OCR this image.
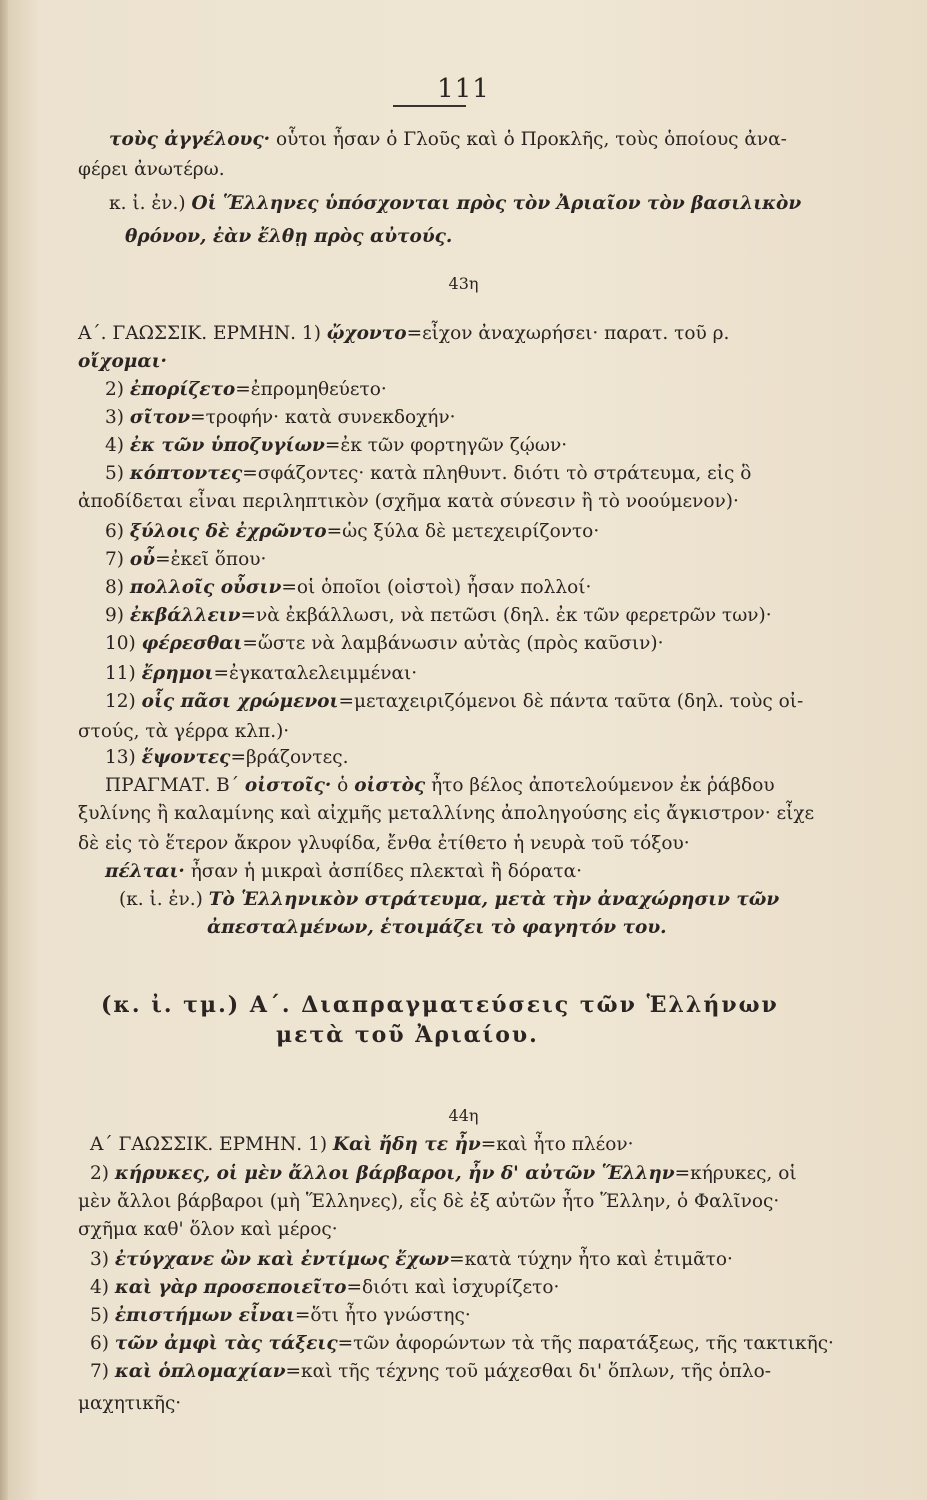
111
τοὺς ἀγγέλους· οὗτοι ἦσαν ὁ Γλοῦς καὶ ὁ Προκλῆς, τοὺς ὁποίους ἀνα-
φέρει ἀνωτέρω.
κ. ἰ. ἐν.) Οἱ Ἕλληνες ὑπόσχονται πρὸς τὸν Ἀριαῖον τὸν βασιλικὸν
θρόνον, ἐὰν ἔλθῃ πρὸς αὐτούς.
43η
Α΄. ΓΑΩΣΣΙΚ. ΕΡΜΗΝ. 1) ᾤχοντο=εἶχον ἀναχωρήσει· παρατ. τοῦ ρ.
οἴχομαι·
2) ἐπορίζετο=ἐπρομηθεύετο·
3) σῖτον=τροφήν· κατὰ συνεκδοχήν·
4) ἐκ τῶν ὑποζυγίων=ἐκ τῶν φορτηγῶν ζῴων·
5) κόπτοντες=σφάζοντες· κατὰ πληθυντ. διότι τὸ στράτευμα, εἰς ὃ
ἀποδίδεται εἶναι περιληπτικὸν (σχῆμα κατὰ σύνεσιν ἢ τὸ νοούμενον)·
6) ξύλοις δὲ ἐχρῶντο=ὡς ξύλα δὲ μετεχειρίζοντο·
7) οὗ=ἐκεῖ ὅπου·
8) πολλοῖς οὖσιν=οἱ ὁποῖοι (οἰστοὶ) ἦσαν πολλοί·
9) ἐκβάλλειν=νὰ ἐκβάλλωσι, νὰ πετῶσι (δηλ. ἐκ τῶν φερετρῶν των)·
10) φέρεσθαι=ὥστε νὰ λαμβάνωσιν αὐτὰς (πρὸς καῦσιν)·
11) ἔρημοι=ἐγκαταλελειμμέναι·
12) οἷς πᾶσι χρώμενοι=μεταχειριζόμενοι δὲ πάντα ταῦτα (δηλ. τοὺς οἰ-
στούς, τὰ γέρρα κλπ.)·
13) ἕψοντες=βράζοντες.
ΠΡΑΓΜΑΤ. Β΄ οἰστοῖς· ὁ οἰστὸς ἦτο βέλος ἀποτελούμενον ἐκ ῥάβδου
ξυλίνης ἢ καλαμίνης καὶ αἰχμῆς μεταλλίνης ἀποληγούσης εἰς ἄγκιστρον· εἶχε
δὲ εἰς τὸ ἕτερον ἄκρον γλυφίδα, ἔνθα ἐτίθετο ἡ νευρὰ τοῦ τόξου·
πέλται· ἦσαν ἡ μικραὶ ἀσπίδες πλεκταὶ ἢ δόρατα·
(κ. ἰ. ἐν.) Τὸ Ἑλληνικὸν στράτευμα, μετὰ τὴν ἀναχώρησιν τῶν
ἀπεσταλμένων, ἑτοιμάζει τὸ φαγητόν του.
(κ. ἰ. τμ.) Α΄. Διαπραγματεύσεις τῶν Ἑλλήνων
μετὰ τοῦ Ἀριαίου.
44η
Α΄ ΓΑΩΣΣΙΚ. ΕΡΜΗΝ. 1) Καὶ ἤδη τε ἦν=καὶ ἦτο πλέον·
2) κήρυκες, οἱ μὲν ἄλλοι βάρβαροι, ἦν δ' αὐτῶν Ἕλλην=κήρυκες, οἱ
μὲν ἄλλοι βάρβαροι (μὴ Ἕλληνες), εἷς δὲ ἐξ αὐτῶν ἦτο Ἕλλην, ὁ Φαλῖνος·
σχῆμα καθ' ὅλον καὶ μέρος·
3) ἐτύγχανε ὢν καὶ ἐντίμως ἔχων=κατὰ τύχην ἦτο καὶ ἐτιμᾶτο·
4) καὶ γὰρ προσεποιεῖτο=διότι καὶ ἰσχυρίζετο·
5) ἐπιστήμων εἶναι=ὅτι ἦτο γνώστης·
6) τῶν ἀμφὶ τὰς τάξεις=τῶν ἀφορώντων τὰ τῆς παρατάξεως, τῆς τακτικῆς·
7) καὶ ὁπλομαχίαν=καὶ τῆς τέχνης τοῦ μάχεσθαι δι' ὅπλων, τῆς ὁπλο-
μαχητικῆς·
